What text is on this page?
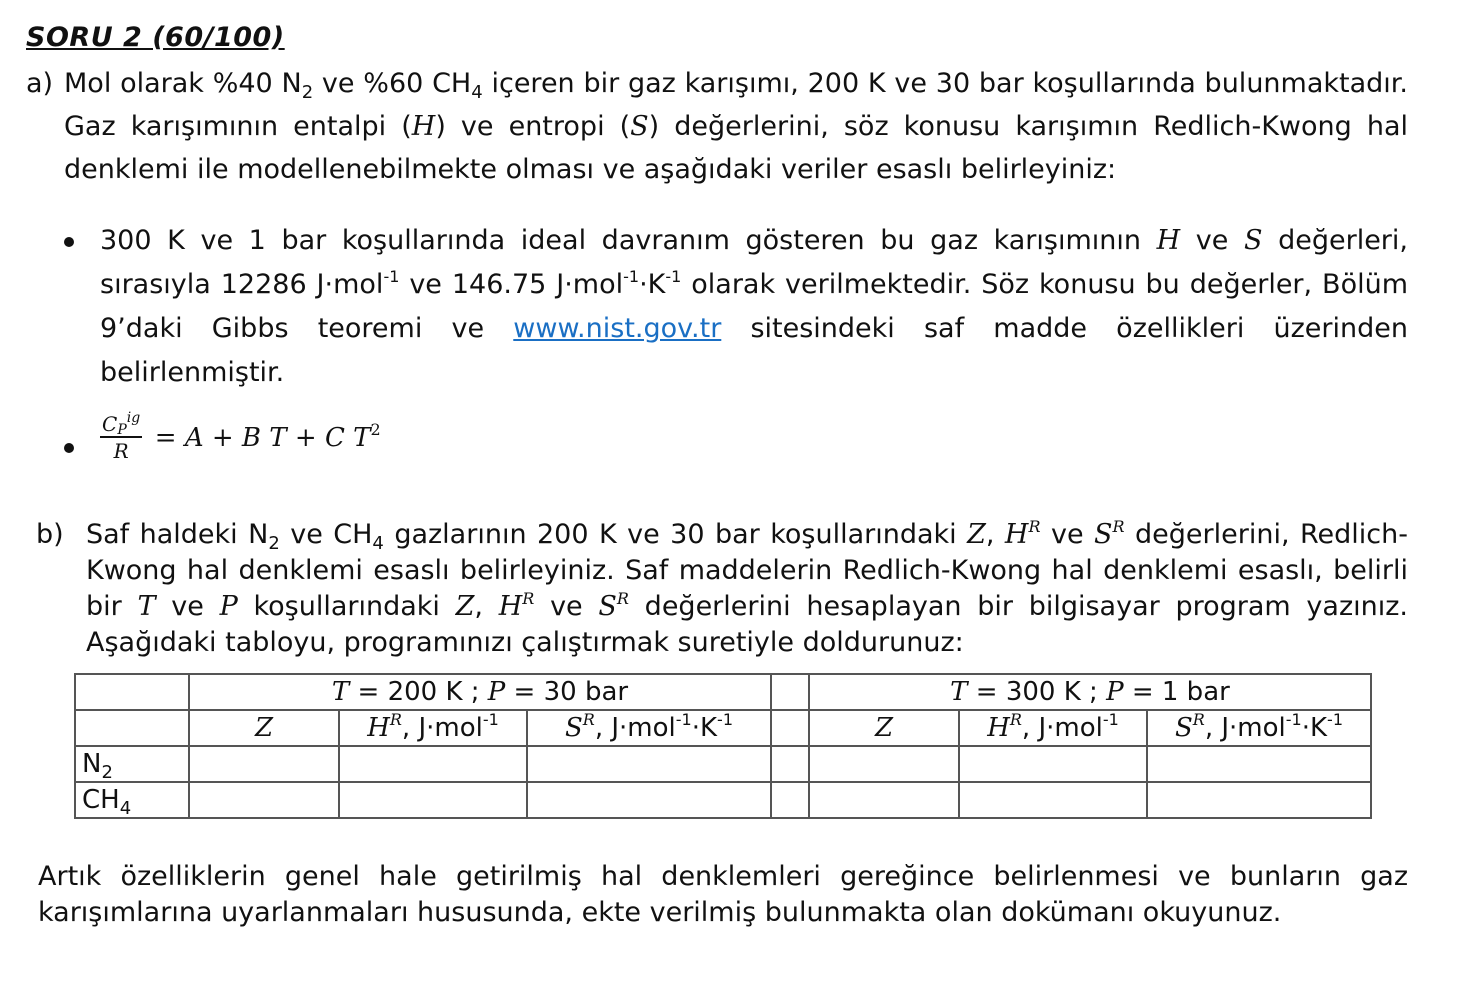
SORU 2 (60/100)
a) Mol olarak %40 $N_2$ ve %60 $CH_4$ içeren bir gaz karışımı, 200 K ve 30 bar koşullarında bulunmaktadır. Gaz karışımının entalpi (H) ve entropi (S) değerlerini, söz konusu karışımın Redlich-Kwong hal denklemi ile modellenebilmekte olması ve aşağıdaki veriler esaslı belirleyiniz:
300 K ve 1 bar koşullarında ideal davranım gösteren bu gaz karışımının H ve S değerleri, sırasıyla 12286 J·mol$^{-1}$ ve 146.75 $J\cdot mol^{-1}\cdot K^{-1}$ olarak verilmektedir. Söz konusu bu değerler, Bölüm 9’daki Gibbs teoremi ve www.nist.gov.tr sitesindeki saf madde özellikleri üzerinden belirlenmiştir.
$\frac{C_P^{ig}}{R} = A + B$ T + C $T^2$
b) Saf haldeki $N_2$ ve $CH_4$ gazlarının 200 K ve 30 bar koşullarındaki Z, $H^R$ ve $S^R$ değerlerini, Redlich-Kwong hal denklemi esaslı belirleyiniz. Saf maddelerin Redlich-Kwong hal denklemi esaslı, belirli bir T ve P koşullarındaki Z, $H^R$ ve $S^R$ değerlerini hesaplayan bir bilgisayar program yazınız. Aşağıdaki tabloyu, programınızı çalıştırmak suretiyle doldurunuz:
	T = 200 K ; P = 30 bar				T = 300 K ; P = 1 bar		
	Z	$H^R$, J·mol$^{-1}$	$S^R$, $J\cdot mol^{-1}\cdot K^{-1}$		Z	$H^R$, J·mol$^{-1}$	$S^R$, $J\cdot mol^{-1}\cdot K^{-1}$
$N_2$							
$CH_4$							
Artık özelliklerin genel hale getirilmiş hal denklemleri gereğince belirlenmesi ve bunların gaz karışımlarına uyarlanmaları hususunda, ekte verilmiş bulunmakta olan dokümanı okuyunuz.
